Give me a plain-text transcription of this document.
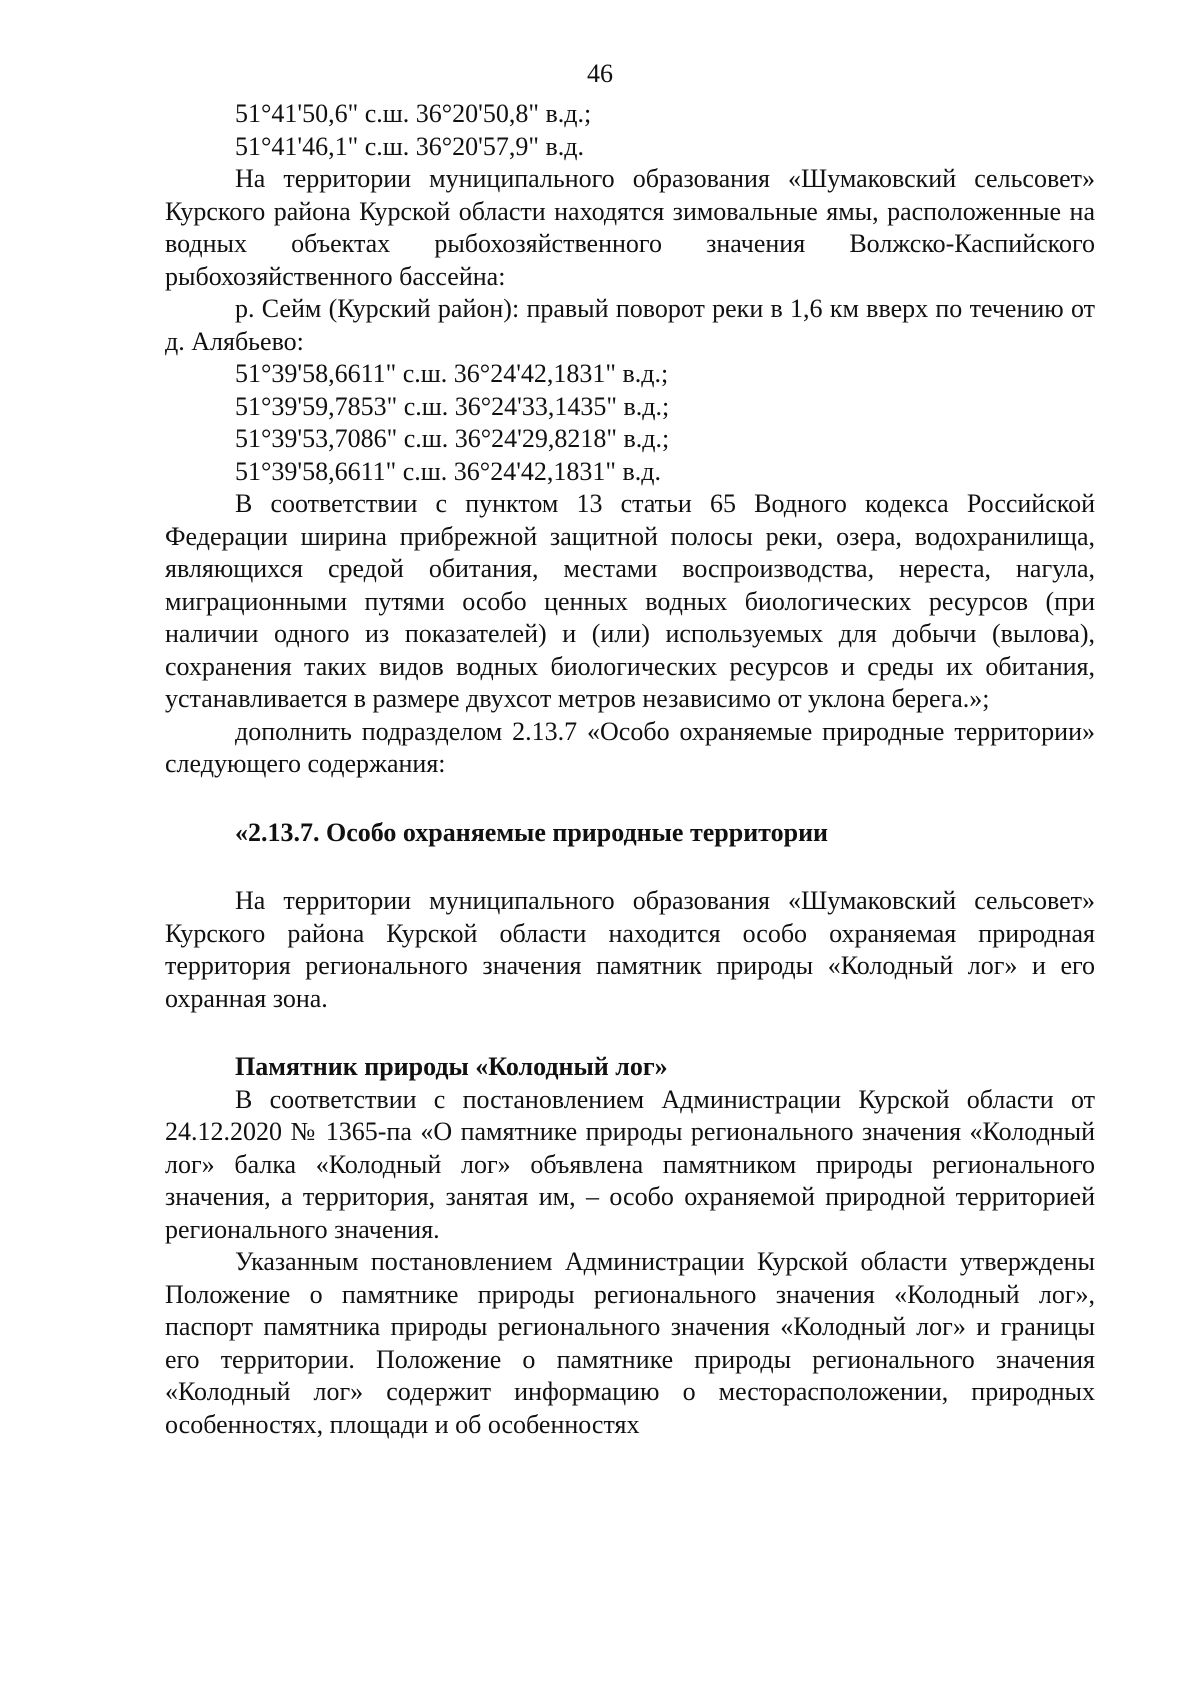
46

51°41'50,6" с.ш. 36°20'50,8" в.д.;

51°41'46,1" с.ш. 36°20'57,9" в.д.

На территории муниципального образования «Шумаковский сельсовет» Курского района Курской области находятся зимовальные ямы, расположенные на водных объектах рыбохозяйственного значения Волжско-Каспийского рыбохозяйственного бассейна:

р. Сейм (Курский район): правый поворот реки в 1,6 км вверх по течению от д. Алябьево:

51°39'58,6611" с.ш. 36°24'42,1831" в.д.;

51°39'59,7853" с.ш. 36°24'33,1435" в.д.;

51°39'53,7086" с.ш. 36°24'29,8218" в.д.;

51°39'58,6611" с.ш. 36°24'42,1831" в.д.

В соответствии с пунктом 13 статьи 65 Водного кодекса Российской Федерации ширина прибрежной защитной полосы реки, озера, водохранилища, являющихся средой обитания, местами воспроизводства, нереста, нагула, миграционными путями особо ценных водных биологических ресурсов (при наличии одного из показателей) и (или) используемых для добычи (вылова), сохранения таких видов водных биологических ресурсов и среды их обитания, устанавливается в размере двухсот метров независимо от уклона берега.»;

дополнить подразделом 2.13.7 «Особо охраняемые природные территории» следующего содержания:

«2.13.7. Особо охраняемые природные территории

На территории муниципального образования «Шумаковский сельсовет» Курского района Курской области находится особо охраняемая природная территория регионального значения памятник природы «Колодный лог» и его охранная зона.

Памятник природы «Колодный лог»

В соответствии с постановлением Администрации Курской области от 24.12.2020 № 1365-па «О памятнике природы регионального значения «Колодный лог» балка «Колодный лог» объявлена памятником природы регионального значения, а территория, занятая им, – особо охраняемой природной территорией регионального значения.

Указанным постановлением Администрации Курской области утверждены Положение о памятнике природы регионального значения «Колодный лог», паспорт памятника природы регионального значения «Колодный лог» и границы его территории. Положение о памятнике природы регионального значения «Колодный лог» содержит информацию о месторасположении, природных особенностях, площади и об особенностях
